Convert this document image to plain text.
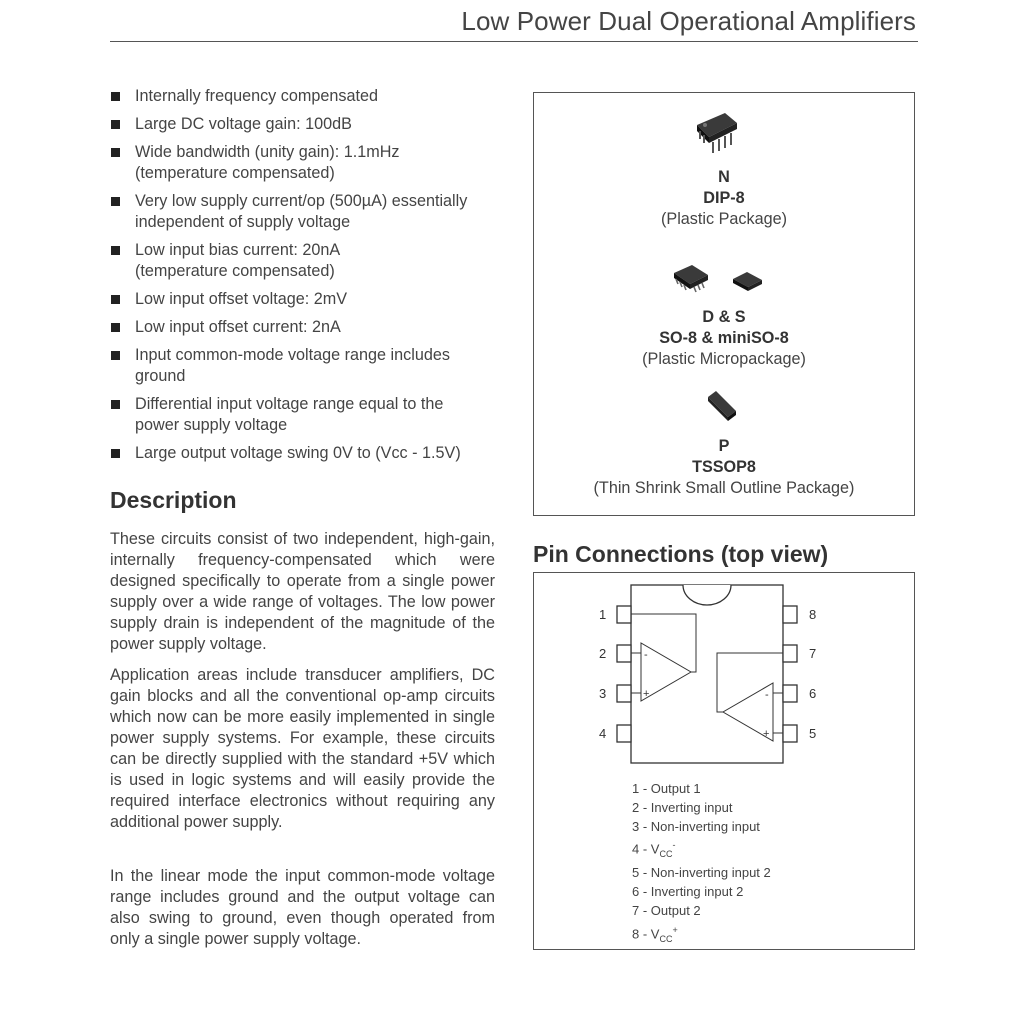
Low Power Dual Operational Amplifiers
Internally frequency compensated
Large DC voltage gain: 100dB
Wide bandwidth (unity gain): 1.1mHz
(temperature compensated)
Very low supply current/op (500µA) essentially
independent of supply voltage
Low input bias current: 20nA
(temperature compensated)
Low input offset voltage: 2mV
Low input offset current: 2nA
Input common-mode voltage range includes
ground
Differential input voltage range equal to the
power supply voltage
Large output voltage swing 0V to (Vcc - 1.5V)
Description

These circuits consist of two independent, high-gain, internally frequency-compensated which were designed specifically to operate from a single power supply over a wide range of voltages. The low power supply drain is independent of the magnitude of the power supply voltage.

Application areas include transducer amplifiers, DC gain blocks and all the conventional op-amp circuits which now can be more easily implemented in single power supply systems. For example, these circuits can be directly supplied with the standard +5V which is used in logic systems and will easily provide the required interface electronics without requiring any additional power supply.

In the linear mode the input common-mode voltage range includes ground and the output voltage can also swing to ground, even though operated from only a single power supply voltage.

N
DIP-8
(Plastic Package)
D & S
SO-8 & miniSO-8
(Plastic Micropackage)
P
TSSOP8
(Thin Shrink Small Outline Package)
Pin Connections (top view)
1
2
3
4
8
7
6
5
-
+	-
+
1 - Output 1
2 - Inverting input
3 - Non-inverting input
$4 - V_{CC}^-$
5 - Non-inverting input 2
6 - Inverting input 2
7 - Output 2
$8 - V_{CC}^+$
